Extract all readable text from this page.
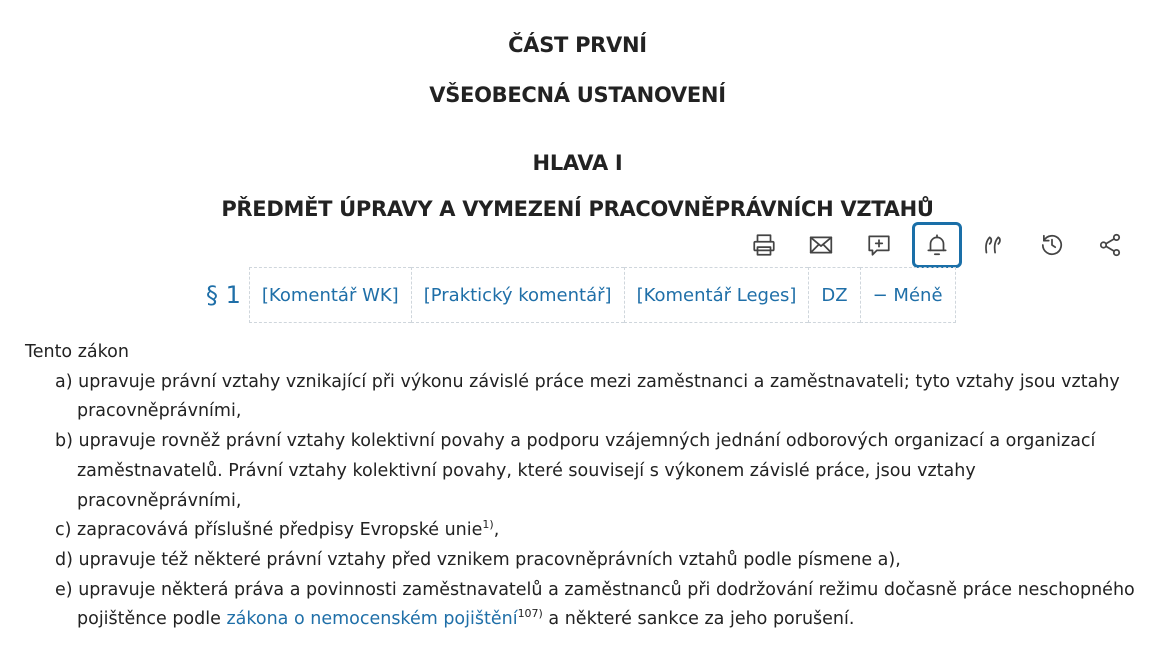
ČÁST PRVNÍ
VŠEOBECNÁ USTANOVENÍ
HLAVA I
PŘEDMĚT ÚPRAVY A VYMEZENÍ PRACOVNĚPRÁVNÍCH VZTAHŮ
§ 1	[Komentář WK]	[Praktický komentář]	[Komentář Leges]	DZ	− Méně

Tento zákon

a) upravuje právní vztahy vznikající při výkonu závislé práce mezi zaměstnanci a zaměstnavateli; tyto vztahy jsou vztahy pracovněprávními,

b) upravuje rovněž právní vztahy kolektivní povahy a podporu vzájemných jednání odborových organizací a organizací zaměstnavatelů. Právní vztahy kolektivní povahy, které souvisejí s výkonem závislé práce, jsou vztahy pracovněprávními,

c) zapracovává příslušné předpisy Evropské unie$^{1)}$,

d) upravuje též některé právní vztahy před vznikem pracovněprávních vztahů podle písmene a),

e) upravuje některá práva a povinnosti zaměstnavatelů a zaměstnanců při dodržování režimu dočasně práce neschopného pojištěnce podle zákona o nemocenském pojištění$^{107)}$ a některé sankce za jeho porušení.
